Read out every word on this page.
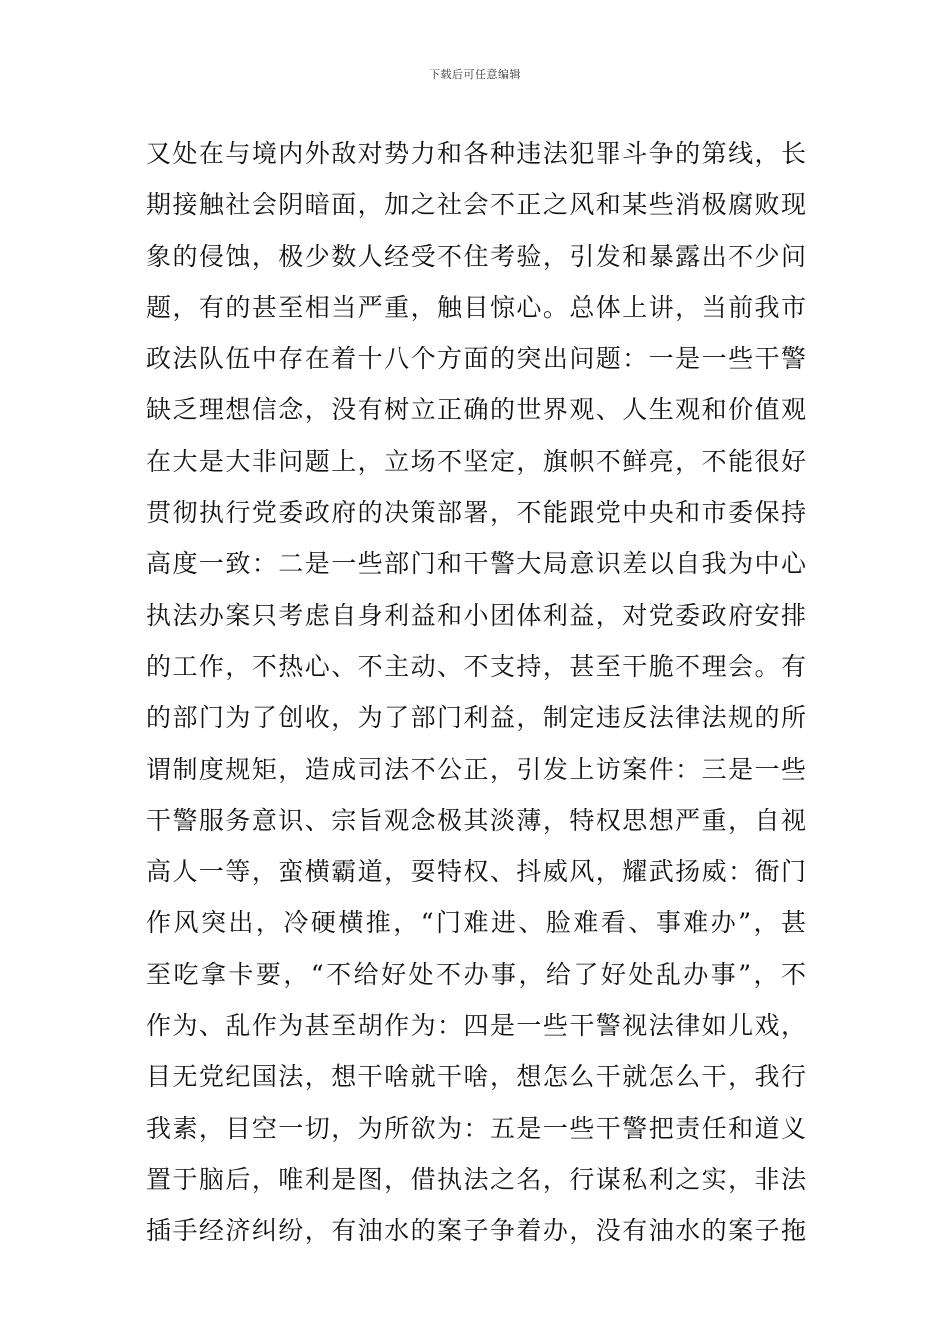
下载后可任意编辑
又处在与境内外敌对势力和各种违法犯罪斗争的第线，长
期接触社会阴暗面，加之社会不正之风和某些消极腐败现
象的侵蚀，极少数人经受不住考验，引发和暴露出不少问
题，有的甚至相当严重，触目惊心。总体上讲，当前我市
政法队伍中存在着十八个方面的突出问题：一是一些干警
缺乏理想信念，没有树立正确的世界观、人生观和价值观
在大是大非问题上，立场不坚定，旗帜不鲜亮，不能很好
贯彻执行党委政府的决策部署，不能跟党中央和市委保持
高度一致：二是一些部门和干警大局意识差以自我为中心
执法办案只考虑自身利益和小团体利益，对党委政府安排
的工作，不热心、不主动、不支持，甚至干脆不理会。有
的部门为了创收，为了部门利益，制定违反法律法规的所
谓制度规矩，造成司法不公正，引发上访案件：三是一些
干警服务意识、宗旨观念极其淡薄，特权思想严重，自视
高人一等，蛮横霸道，耍特权、抖威风，耀武扬威：衙门
作风突出，冷硬横推，“门难进、脸难看、事难办”，甚
至吃拿卡要，“不给好处不办事，给了好处乱办事”，不
作为、乱作为甚至胡作为：四是一些干警视法律如儿戏，
目无党纪国法，想干啥就干啥，想怎么干就怎么干，我行
我素，目空一切，为所欲为：五是一些干警把责任和道义
置于脑后，唯利是图，借执法之名，行谋私利之实，非法
插手经济纠纷，有油水的案子争着办，没有油水的案子拖
